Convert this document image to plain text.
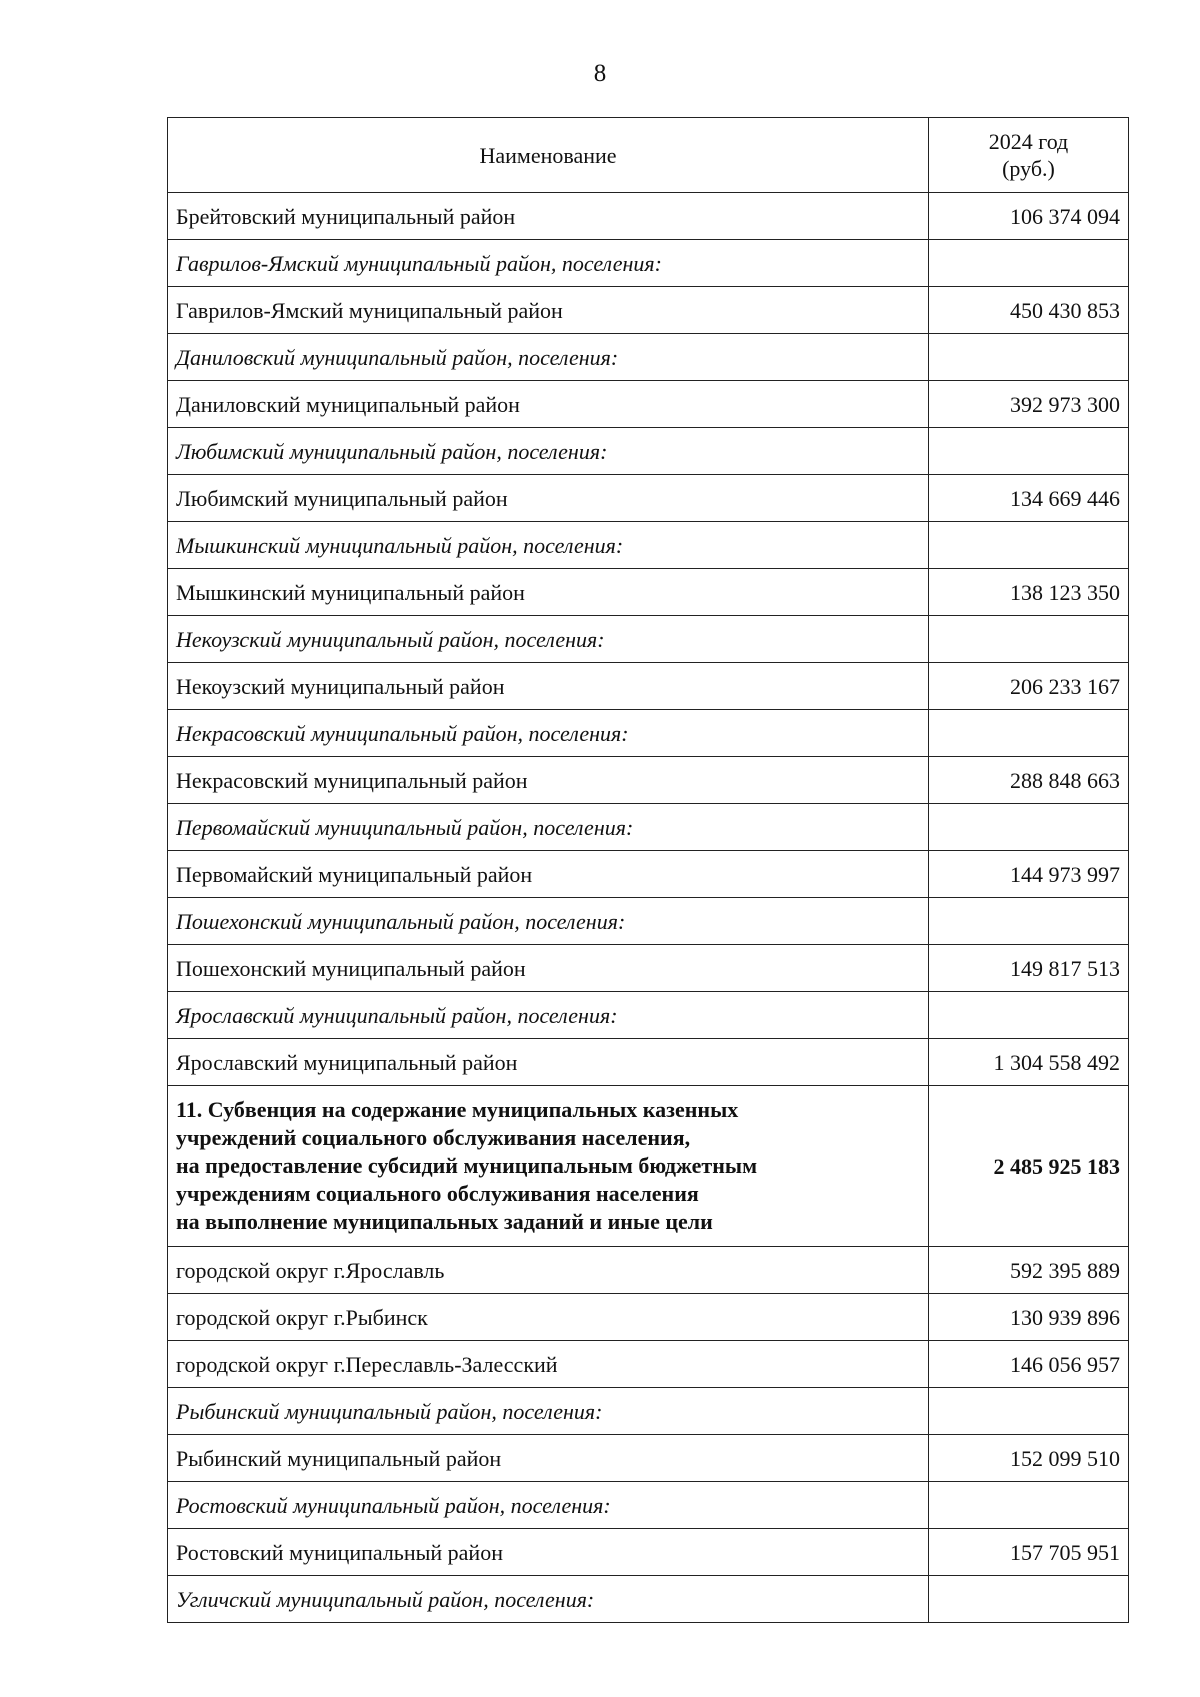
8
Наименование	2024 год
(руб.)

Брейтовский муниципальный район	106 374 094
Гаврилов-Ямский муниципальный район, поселения:	
Гаврилов-Ямский муниципальный район	450 430 853
Даниловский муниципальный район, поселения:	
Даниловский муниципальный район	392 973 300
Любимский муниципальный район, поселения:	
Любимский муниципальный район	134 669 446
Мышкинский муниципальный район, поселения:	
Мышкинский муниципальный район	138 123 350
Некоузский муниципальный район, поселения:	
Некоузский муниципальный район	206 233 167
Некрасовский муниципальный район, поселения:	
Некрасовский муниципальный район	288 848 663
Первомайский муниципальный район, поселения:	
Первомайский муниципальный район	144 973 997
Пошехонский муниципальный район, поселения:	
Пошехонский муниципальный район	149 817 513
Ярославский муниципальный район, поселения:	
Ярославский муниципальный район	1 304 558 492

11. Субвенция на содержание муниципальных казенных
учреждений социального обслуживания населения,
на предоставление субсидий муниципальным бюджетным
учреждениям социального обслуживания населения
на выполнение муниципальных заданий и иные цели	2 485 925 183
городской округ г.Ярославль	592 395 889
городской округ г.Рыбинск	130 939 896
городской округ г.Переславль-Залесский	146 056 957
Рыбинский муниципальный район, поселения:	
Рыбинский муниципальный район	152 099 510
Ростовский муниципальный район, поселения:	
Ростовский муниципальный район	157 705 951
Угличский муниципальный район, поселения:	
